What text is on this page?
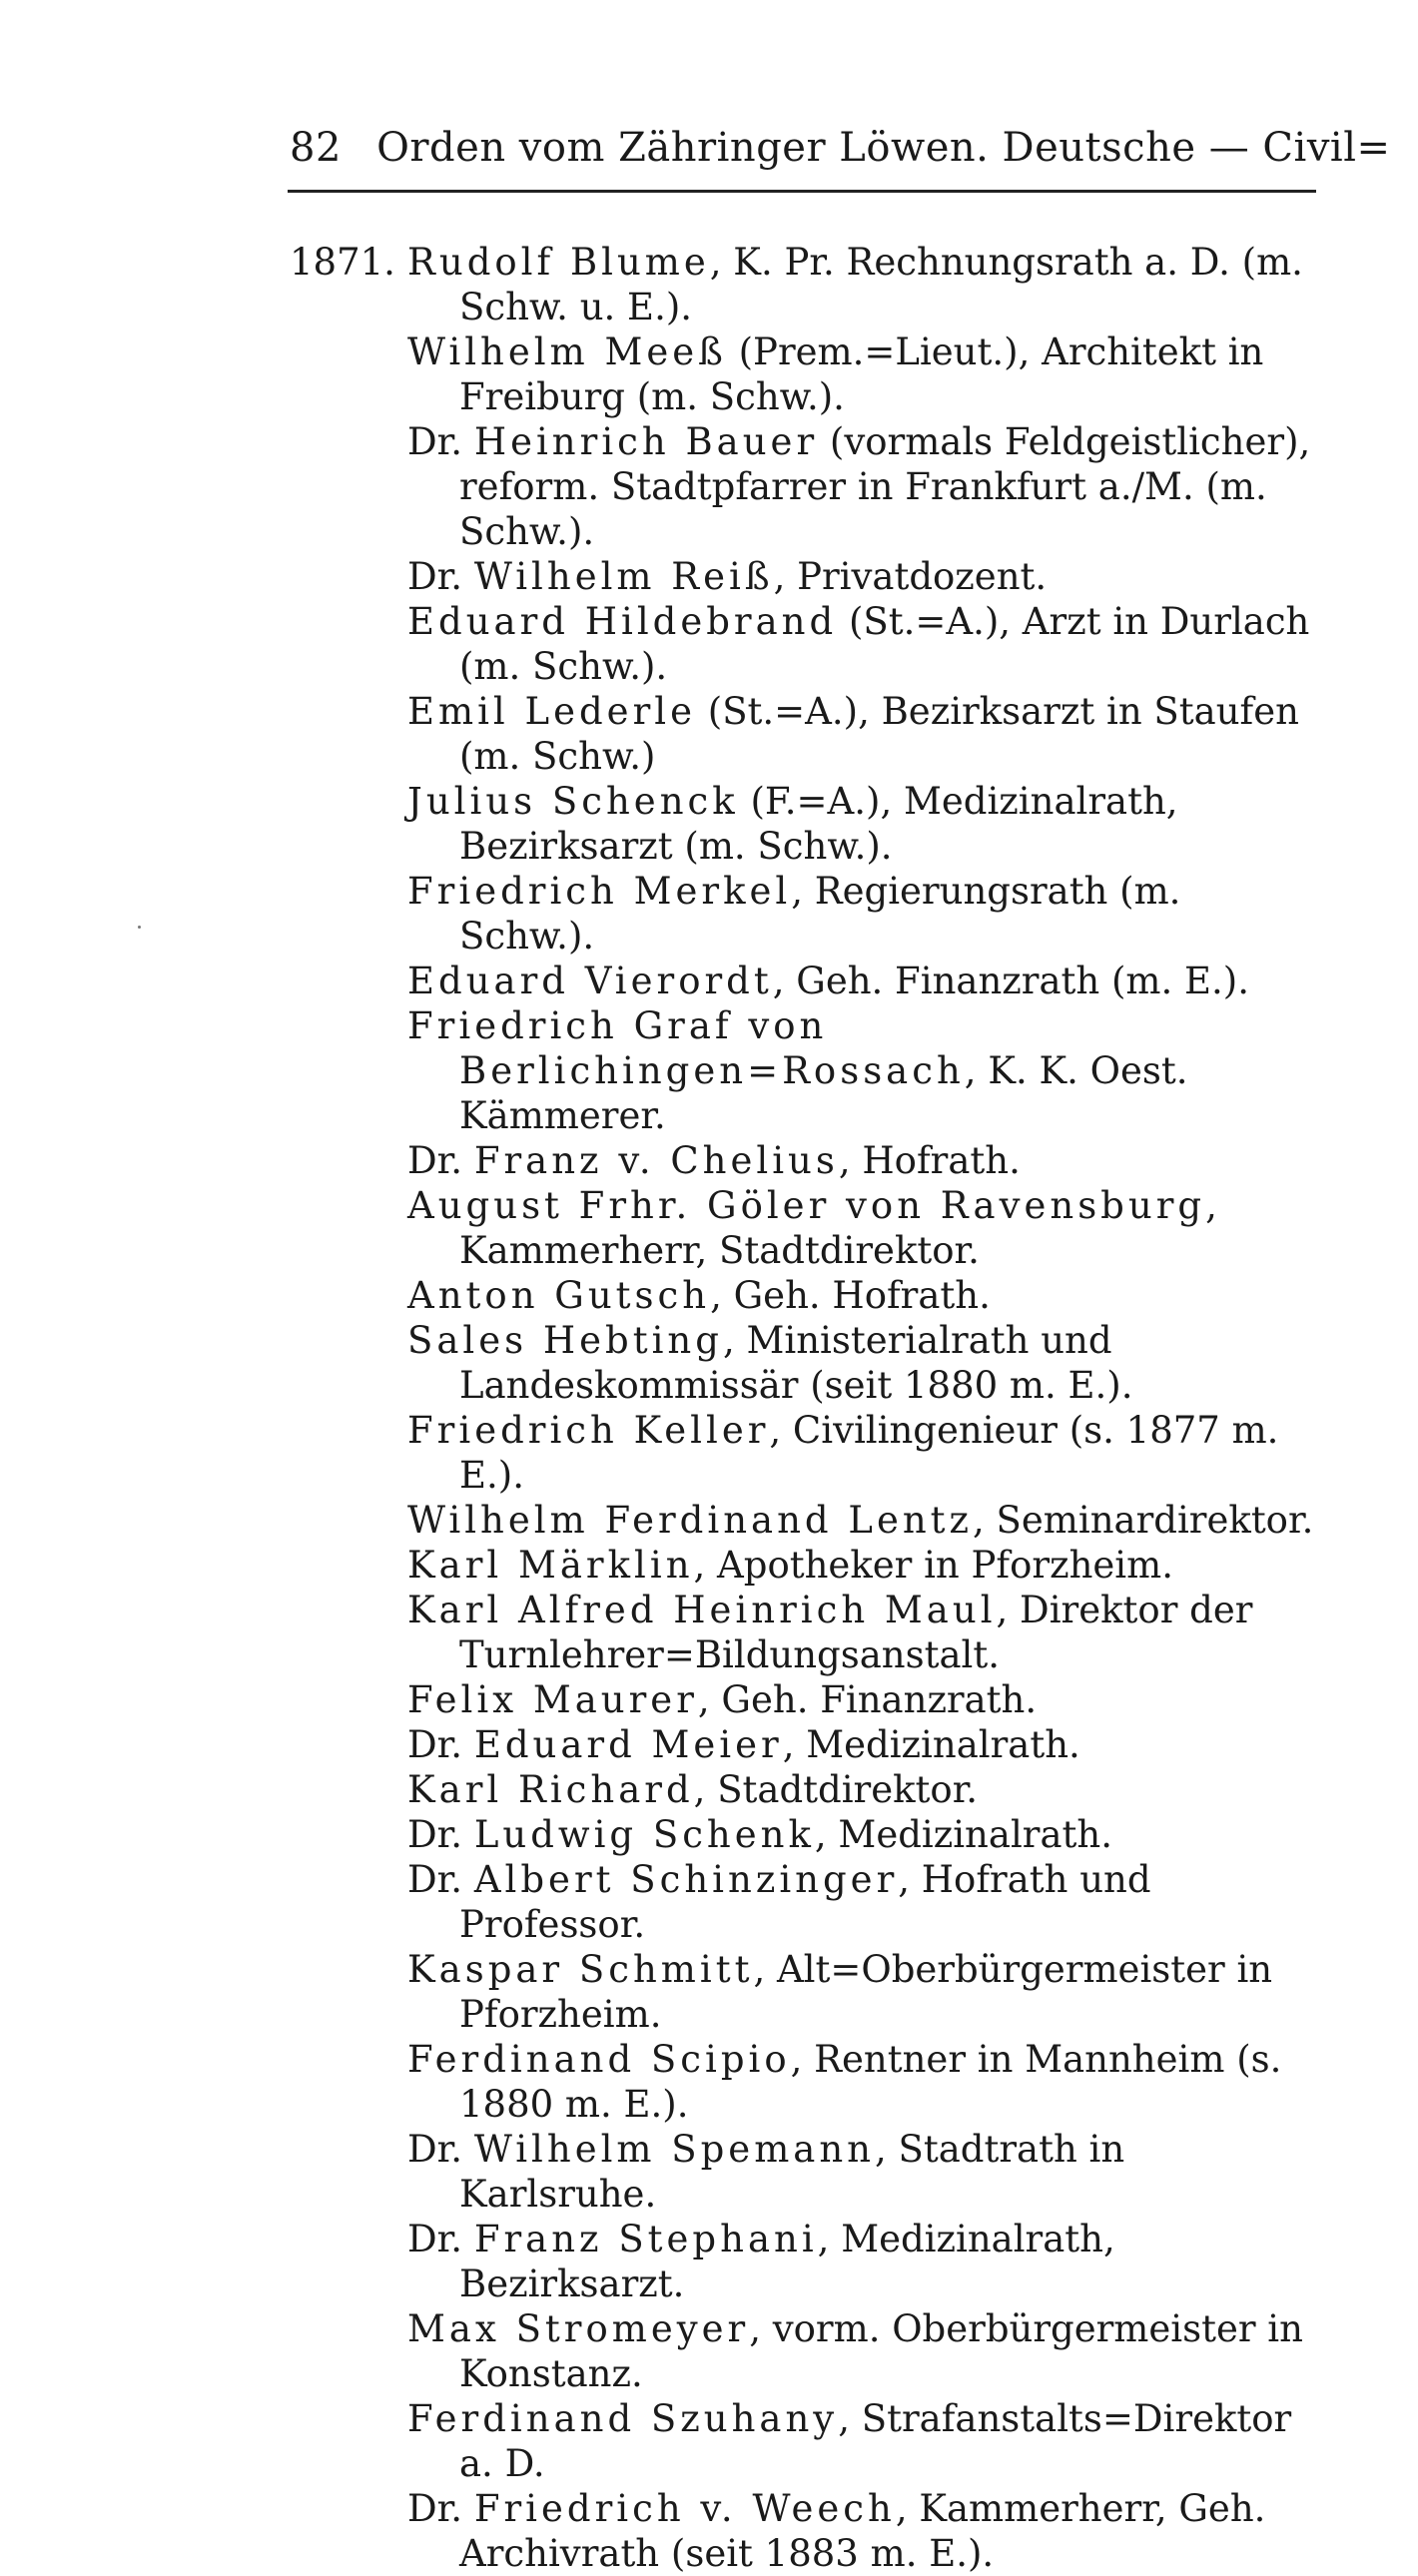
82 Orden vom Zähringer Löwen. Deutsche — Civil=
1871. Rudolf Blume, K. Pr. Rechnungsrath a. D. (m. Schw. u. E.).
Wilhelm Meeß (Prem.=Lieut.), Architekt in Freiburg (m. Schw.).
Dr. Heinrich Bauer (vormals Feldgeistlicher), reform. Stadtpfarrer in Frankfurt a./M. (m. Schw.).
Dr. Wilhelm Reiß, Privatdozent.
Eduard Hildebrand (St.=A.), Arzt in Durlach (m. Schw.).
Emil Lederle (St.=A.), Bezirksarzt in Staufen (m. Schw.)
Julius Schenck (F.=A.), Medizinalrath, Bezirksarzt (m. Schw.).
Friedrich Merkel, Regierungsrath (m. Schw.).
Eduard Vierordt, Geh. Finanzrath (m. E.).
Friedrich Graf von Berlichingen=Rossach, K. K. Oest. Kämmerer.
Dr. Franz v. Chelius, Hofrath.
August Frhr. Göler von Ravensburg, Kammerherr, Stadtdirektor.
Anton Gutsch, Geh. Hofrath.
Sales Hebting, Ministerialrath und Landeskommissär (seit 1880 m. E.).
Friedrich Keller, Civilingenieur (s. 1877 m. E.).
Wilhelm Ferdinand Lentz, Seminardirektor.
Karl Märklin, Apotheker in Pforzheim.
Karl Alfred Heinrich Maul, Direktor der Turnlehrer=Bildungsanstalt.
Felix Maurer, Geh. Finanzrath.
Dr. Eduard Meier, Medizinalrath.
Karl Richard, Stadtdirektor.
Dr. Ludwig Schenk, Medizinalrath.
Dr. Albert Schinzinger, Hofrath und Professor.
Kaspar Schmitt, Alt=Oberbürgermeister in Pforzheim.
Ferdinand Scipio, Rentner in Mannheim (s. 1880 m. E.).
Dr. Wilhelm Spemann, Stadtrath in Karlsruhe.
Dr. Franz Stephani, Medizinalrath, Bezirksarzt.
Max Stromeyer, vorm. Oberbürgermeister in Konstanz.
Ferdinand Szuhany, Strafanstalts=Direktor a. D.
Dr. Friedrich v. Weech, Kammerherr, Geh. Archivrath (seit 1883 m. E.).
